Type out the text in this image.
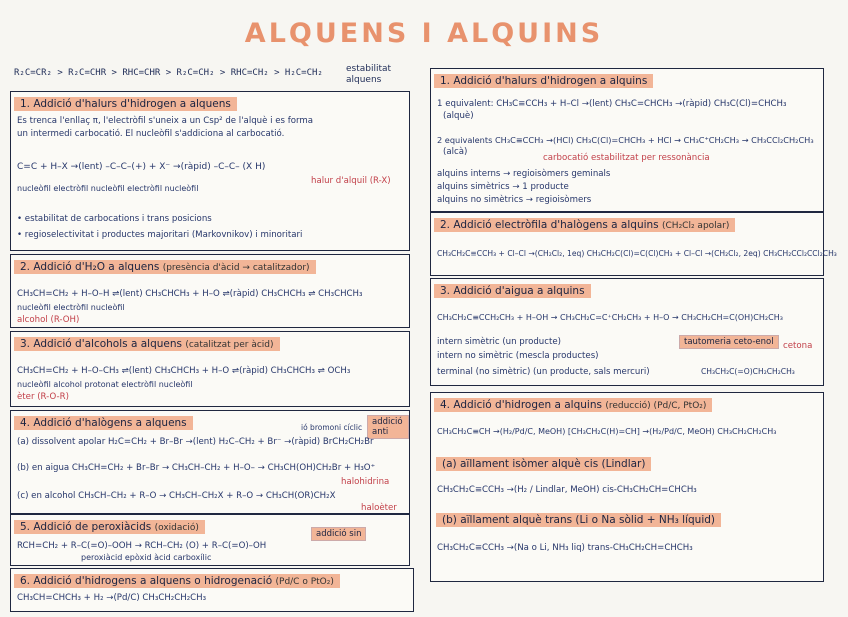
ALQUENS I ALQUINS
R₂C=CR₂ > R₂C=CHR > RHC=CHR > R₂C=CH₂ > RHC=CH₂ > H₂C=CH₂	estabilitat alquens
1. Addició d'halurs d'hidrogen a alquens
Es trenca l'enllaç π, l'electròfil s'uneix a un Csp² de l'alquè i es forma
un intermedi carbocatió. El nucleòfil s'addiciona al carbocatió.
C=C + H–X →(lent) –C–C–(+) + X⁻ →(ràpid) –C–C– (X H)
nucleòfil electròfil nucleòfil electròfil nucleòfil
halur d'alquil (R-X)
• estabilitat de carbocations i trans posicions
• regioselectivitat i productes majoritari (Markovnikov) i minoritari
2. Addició d'H₂O a alquens (presència d'àcid → catalitzador)
CH₃CH=CH₂ + H–O–H ⇌(lent) CH₃CHCH₃ + H–O ⇌(ràpid) CH₃CHCH₃ ⇌ CH₃CHCH₃
nucleòfil electròfil nucleòfil
alcohol (R-OH)
3. Addició d'alcohols a alquens (catalitzat per àcid)
CH₃CH=CH₂ + H–O–CH₃ ⇌(lent) CH₃CHCH₃ + H–O ⇌(ràpid) CH₃CHCH₃ ⇌ OCH₃
nucleòfil alcohol protonat electròfil nucleòfil
èter (R-O-R)
4. Addició d'halògens a alquens	addició anti
(a) dissolvent apolar H₂C=CH₂ + Br–Br →(lent) H₂C–CH₂ + Br⁻ →(ràpid) BrCH₂CH₂Br
ió bromoni cíclic
(b) en aigua CH₃CH=CH₂ + Br–Br → CH₃CH–CH₂ + H–O– → CH₃CH(OH)CH₂Br + H₃O⁺
halohidrina
(c) en alcohol CH₃CH–CH₂ + R–O → CH₃CH–CH₂X + R–O → CH₃CH(OR)CH₂X
haloèter
5. Addició de peroxiàcids (oxidació)
addició sin
RCH=CH₂ + R–C(=O)–OOH → RCH–CH₂ (O) + R–C(=O)–OH
peroxiàcid epòxid àcid carboxílic
6. Addició d'hidrogens a alquens o hidrogenació (Pd/C o PtO₂)
CH₃CH=CHCH₃ + H₂ →(Pd/C) CH₃CH₂CH₂CH₃
1. Addició d'halurs d'hidrogen a alquins
1 equivalent: CH₃C≡CCH₃ + H–Cl →(lent) CH₃C=CHCH₃ →(ràpid) CH₃C(Cl)=CHCH₃
(alquè)
2 equivalents CH₃C≡CCH₃ →(HCl) CH₃C(Cl)=CHCH₃ + HCl → CH₃C⁺CH₂CH₃ → CH₃CCl₂CH₂CH₃
(alcà)
carbocatió estabilitzat per ressonància
alquins interns → regioisòmers geminals
alquins simètrics → 1 producte
alquins no simètrics → regioisòmers
2. Addició electròfila d'halògens a alquins (CH₂Cl₂ apolar)
CH₃CH₂C≡CCH₃ + Cl–Cl →(CH₂Cl₂, 1eq) CH₃CH₂C(Cl)=C(Cl)CH₃ + Cl–Cl →(CH₂Cl₂, 2eq) CH₃CH₂CCl₂CCl₂CH₃
3. Addició d'aigua a alquins
CH₃CH₂C≡CCH₂CH₃ + H–OH → CH₃CH₂C=C⁺CH₂CH₃ + H–O → CH₃CH₂CH=C(OH)CH₂CH₃
intern simètric (un producte)
intern no simètric (mescla productes)
terminal (no simètric) (un producte, sals mercuri)
tautomeria ceto-enol	cetona
CH₃CH₂C(=O)CH₂CH₂CH₃
4. Addició d'hidrogen a alquins (reducció) (Pd/C, PtO₂)
CH₃CH₂C≡CH →(H₂/Pd/C, MeOH) [CH₃CH₂C(H)=CH] →(H₂/Pd/C, MeOH) CH₃CH₂CH₂CH₃
(a) aïllament isòmer alquè cis (Lindlar)
CH₃CH₂C≡CCH₃ →(H₂ / Lindlar, MeOH) cis-CH₃CH₂CH=CHCH₃
(b) aïllament alquè trans (Li o Na sòlid + NH₃ líquid)
CH₃CH₂C≡CCH₃ →(Na o Li, NH₃ liq) trans-CH₃CH₂CH=CHCH₃
